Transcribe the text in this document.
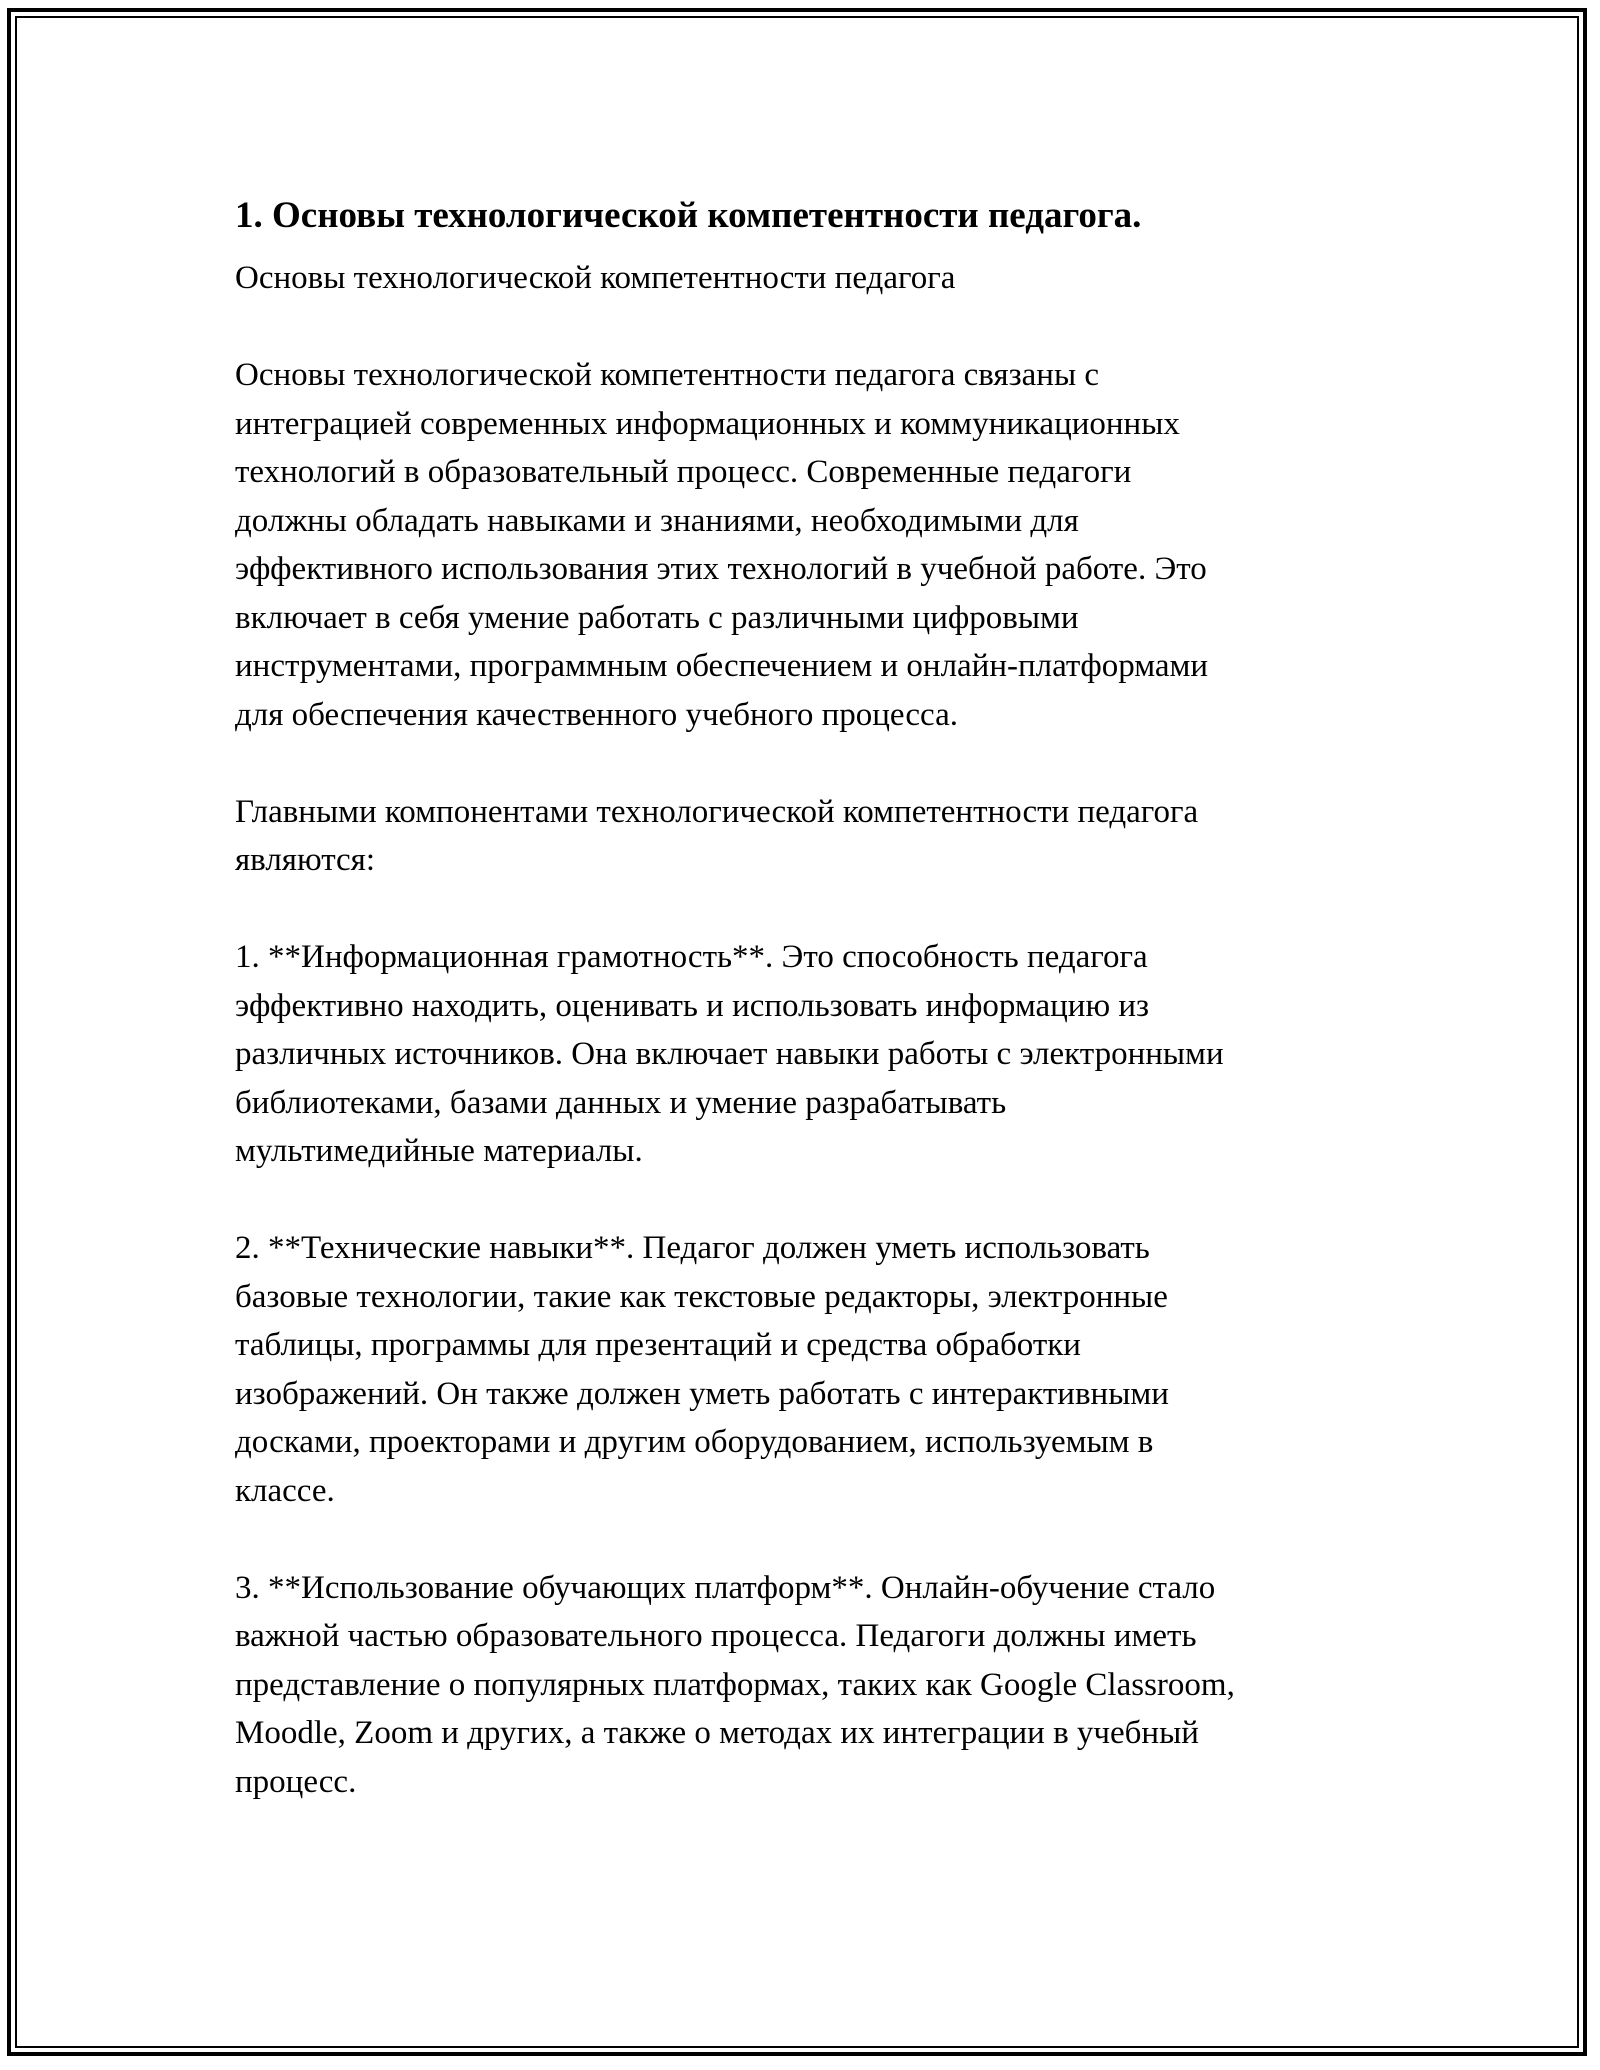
1. Основы технологической компетентности педагога.

Основы технологической компетентности педагога

Основы технологической компетентности педагога связаны с
интеграцией современных информационных и коммуникационных
технологий в образовательный процесс. Современные педагоги
должны обладать навыками и знаниями, необходимыми для
эффективного использования этих технологий в учебной работе. Это
включает в себя умение работать с различными цифровыми
инструментами, программным обеспечением и онлайн-платформами
для обеспечения качественного учебного процесса.

Главными компонентами технологической компетентности педагога
являются:

1. **Информационная грамотность**. Это способность педагога
эффективно находить, оценивать и использовать информацию из
различных источников. Она включает навыки работы с электронными
библиотеками, базами данных и умение разрабатывать
мультимедийные материалы.

2. **Технические навыки**. Педагог должен уметь использовать
базовые технологии, такие как текстовые редакторы, электронные
таблицы, программы для презентаций и средства обработки
изображений. Он также должен уметь работать с интерактивными
досками, проекторами и другим оборудованием, используемым в
классе.

3. **Использование обучающих платформ**. Онлайн-обучение стало
важной частью образовательного процесса. Педагоги должны иметь
представление о популярных платформах, таких как Google Classroom,
Moodle, Zoom и других, а также о методах их интеграции в учебный
процесс.
